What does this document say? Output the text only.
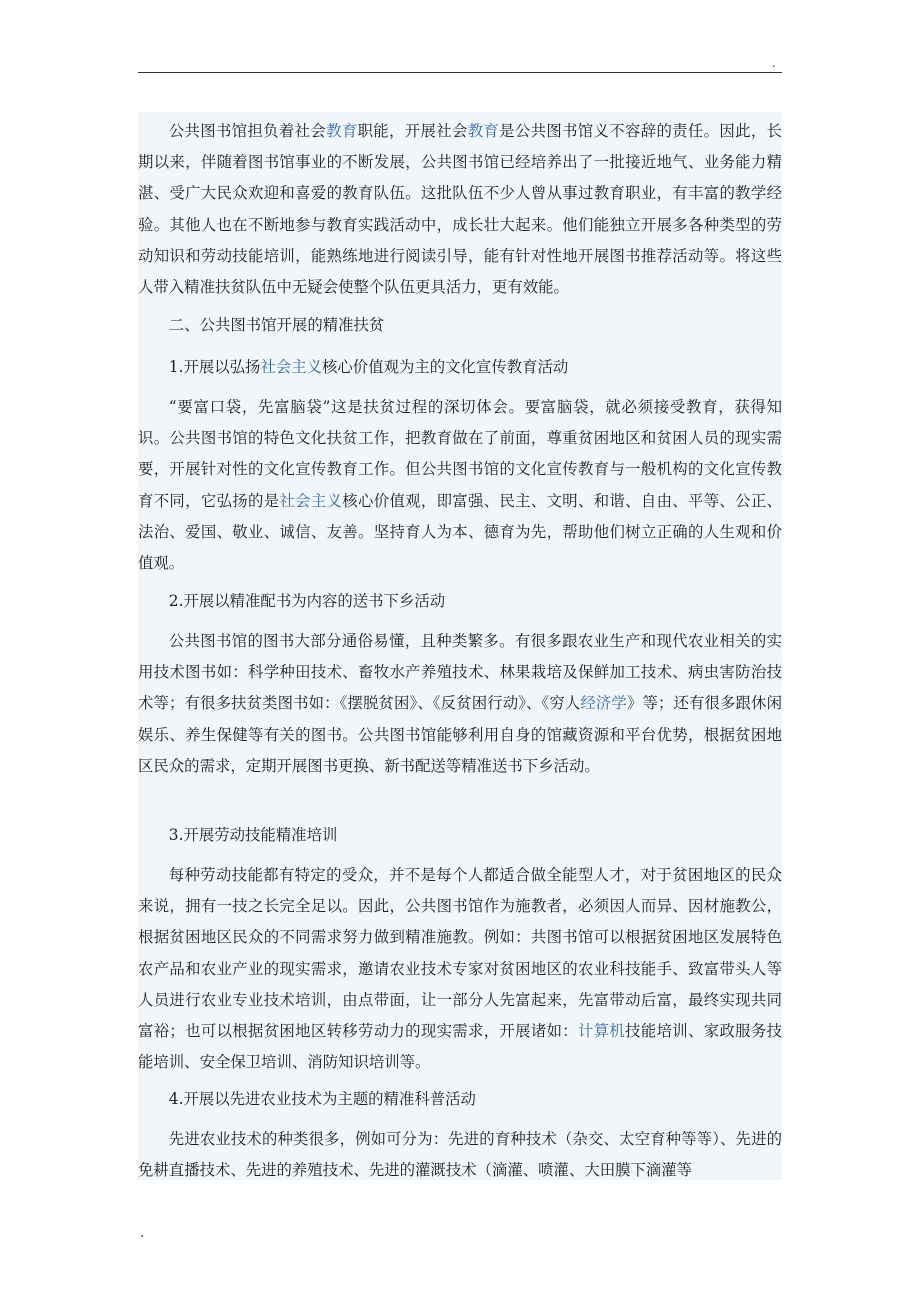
.

公共图书馆担负着社会教育职能，开展社会教育是公共图书馆义不容辞的责任。因此，长期以来，伴随着图书馆事业的不断发展，公共图书馆已经培养出了一批接近地气、业务能力精湛、受广大民众欢迎和喜爱的教育队伍。这批队伍不少人曾从事过教育职业，有丰富的教学经验。其他人也在不断地参与教育实践活动中，成长壮大起来。他们能独立开展多各种类型的劳动知识和劳动技能培训，能熟练地进行阅读引导，能有针对性地开展图书推荐活动等。将这些人带入精准扶贫队伍中无疑会使整个队伍更具活力，更有效能。

二、公共图书馆开展的精准扶贫

1.开展以弘扬社会主义核心价值观为主的文化宣传教育活动

“要富口袋，先富脑袋”这是扶贫过程的深切体会。要富脑袋，就必须接受教育，获得知识。公共图书馆的特色文化扶贫工作，把教育做在了前面，尊重贫困地区和贫困人员的现实需要，开展针对性的文化宣传教育工作。但公共图书馆的文化宣传教育与一般机构的文化宣传教育不同，它弘扬的是社会主义核心价值观，即富强、民主、文明、和谐、自由、平等、公正、法治、爱国、敬业、诚信、友善。坚持育人为本、德育为先，帮助他们树立正确的人生观和价值观。

2.开展以精准配书为内容的送书下乡活动

公共图书馆的图书大部分通俗易懂，且种类繁多。有很多跟农业生产和现代农业相关的实用技术图书如：科学种田技术、畜牧水产养殖技术、林果栽培及保鲜加工技术、病虫害防治技术等；有很多扶贫类图书如：《摆脱贫困》、《反贫困行动》、《穷人经济学》等；还有很多跟休闲娱乐、养生保健等有关的图书。公共图书馆能够利用自身的馆藏资源和平台优势，根据贫困地区民众的需求，定期开展图书更换、新书配送等精准送书下乡活动。

3.开展劳动技能精准培训

每种劳动技能都有特定的受众，并不是每个人都适合做全能型人才，对于贫困地区的民众来说，拥有一技之长完全足以。因此，公共图书馆作为施教者，必须因人而异、因材施教公，根据贫困地区民众的不同需求努力做到精准施教。例如：共图书馆可以根据贫困地区发展特色农产品和农业产业的现实需求，邀请农业技术专家对贫困地区的农业科技能手、致富带头人等人员进行农业专业技术培训，由点带面，让一部分人先富起来，先富带动后富，最终实现共同富裕；也可以根据贫困地区转移劳动力的现实需求，开展诸如：计算机技能培训、家政服务技能培训、安全保卫培训、消防知识培训等。

4.开展以先进农业技术为主题的精准科普活动

先进农业技术的种类很多，例如可分为：先进的育种技术（杂交、太空育种等等）、先进的免耕直播技术、先进的养殖技术、先进的灌溉技术（滴灌、喷灌、大田膜下滴灌等

.
